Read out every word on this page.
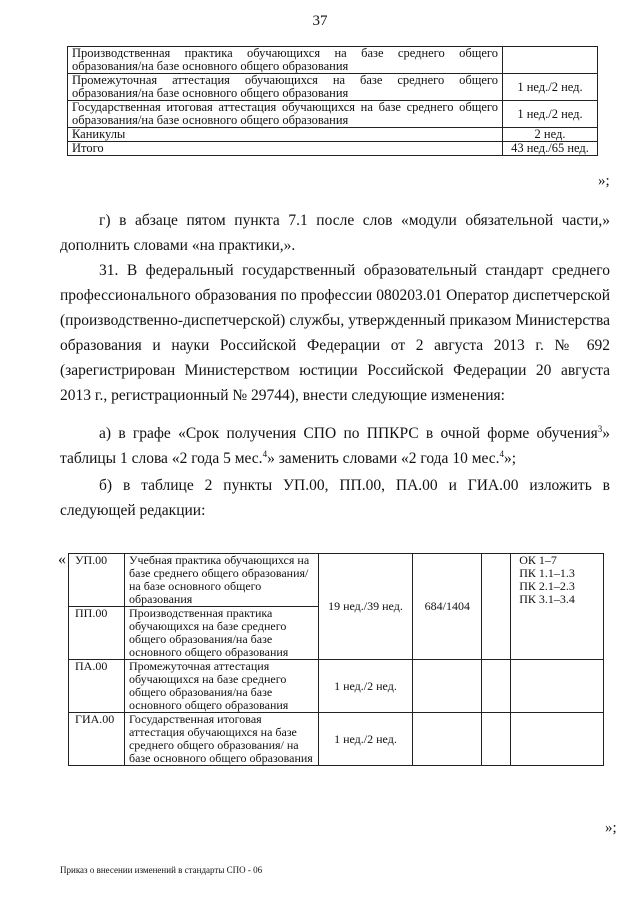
37
Производственная практика обучающихся на базе среднего общего образования/на базе основного общего образования	
Промежуточная аттестация обучающихся на базе среднего общего образования/на базе основного общего образования	1 нед./2 нед.
Государственная итоговая аттестация обучающихся на базе среднего общего образования/на базе основного общего образования	1 нед./2 нед.
Каникулы	2 нед.
Итого	43 нед./65 нед.
»;

г) в абзаце пятом пункта 7.1 после слов «модули обязательной части,» дополнить словами «на практики,».

31. В федеральный государственный образовательный стандарт среднего профессионального образования по профессии 080203.01 Оператор диспетчерской (производственно-диспетчерской) службы, утвержденный приказом Министерства образования и науки Российской Федерации от 2 августа 2013 г. № 692 (зарегистрирован Министерством юстиции Российской Федерации 20 августа 2013 г., регистрационный № 29744), внести следующие изменения:

а) в графе «Срок получения СПО по ППКРС в очной форме обучения$^3$» таблицы 1 слова «2 года 5 мес.$^4$» заменить словами «2 года 10 мес.$^4$»;

б) в таблице 2 пункты УП.00, ПП.00, ПА.00 и ГИА.00 изложить в следующей редакции:

« УП.00	Учебная практика обучающихся на базе среднего общего образования/на базе основного общего образования	19 нед./39 нед.	684/1404		ОК 1–7
ПК 1.1–1.3
ПК 2.1–2.3
ПК 3.1–3.4

ПП.00	Производственная практика обучающихся на базе среднего общего образования/на базе основного общего образования				
ПА.00	Промежуточная аттестация обучающихся на базе среднего общего образования/на базе основного общего образования	1 нед./2 нед.			
ГИА.00	Государственная итоговая аттестация обучающихся на базе среднего общего образования/ на базе основного общего образования	1 нед./2 нед.			
»;
Приказ о внесении изменений в стандарты СПО - 06
